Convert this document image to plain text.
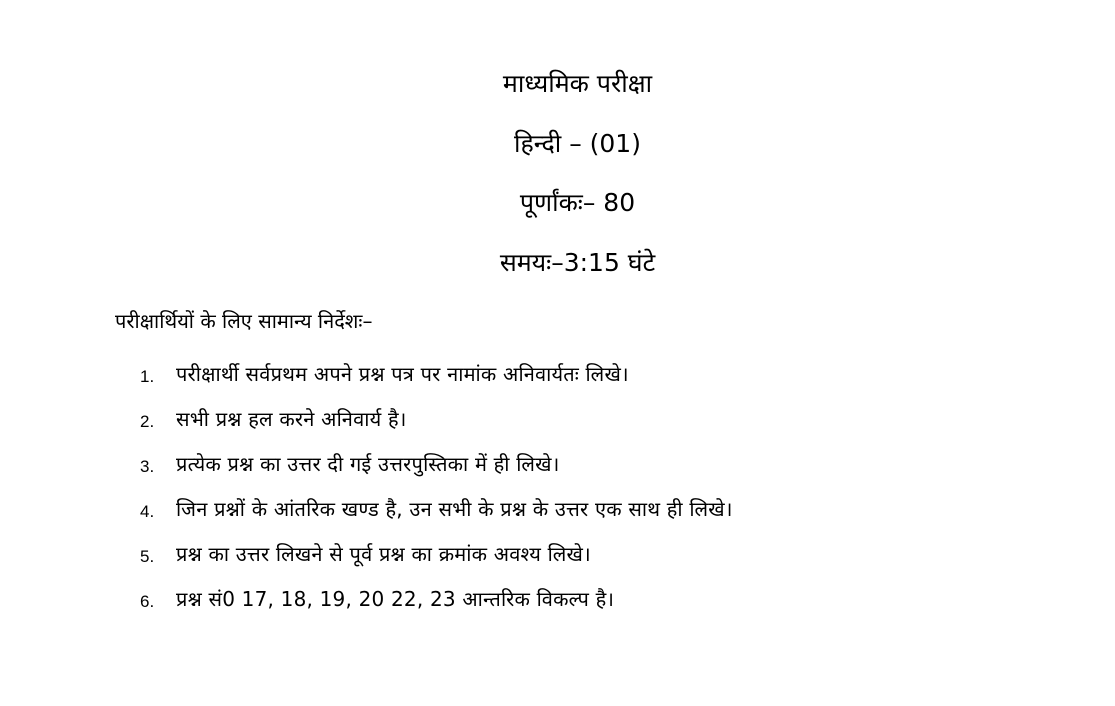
माध्यमिक परीक्षा
हिन्दी – (01)
पूर्णांकः– 80
समयः–3:15 घंटे
परीक्षार्थियों के लिए सामान्य निर्देशः–
1. परीक्षार्थी सर्वप्रथम अपने प्रश्न पत्र पर नामांक अनिवार्यतः लिखे।
2. सभी प्रश्न हल करने अनिवार्य है।
3. प्रत्येक प्रश्न का उत्तर दी गई उत्तरपुस्तिका में ही लिखे।
4. जिन प्रश्नों के आंतरिक खण्ड है, उन सभी के प्रश्न के उत्तर एक साथ ही लिखे।
5. प्रश्न का उत्तर लिखने से पूर्व प्रश्न का क्रमांक अवश्य लिखे।
6. प्रश्न सं0 17, 18, 19, 20 22, 23 आन्तरिक विकल्प है।
